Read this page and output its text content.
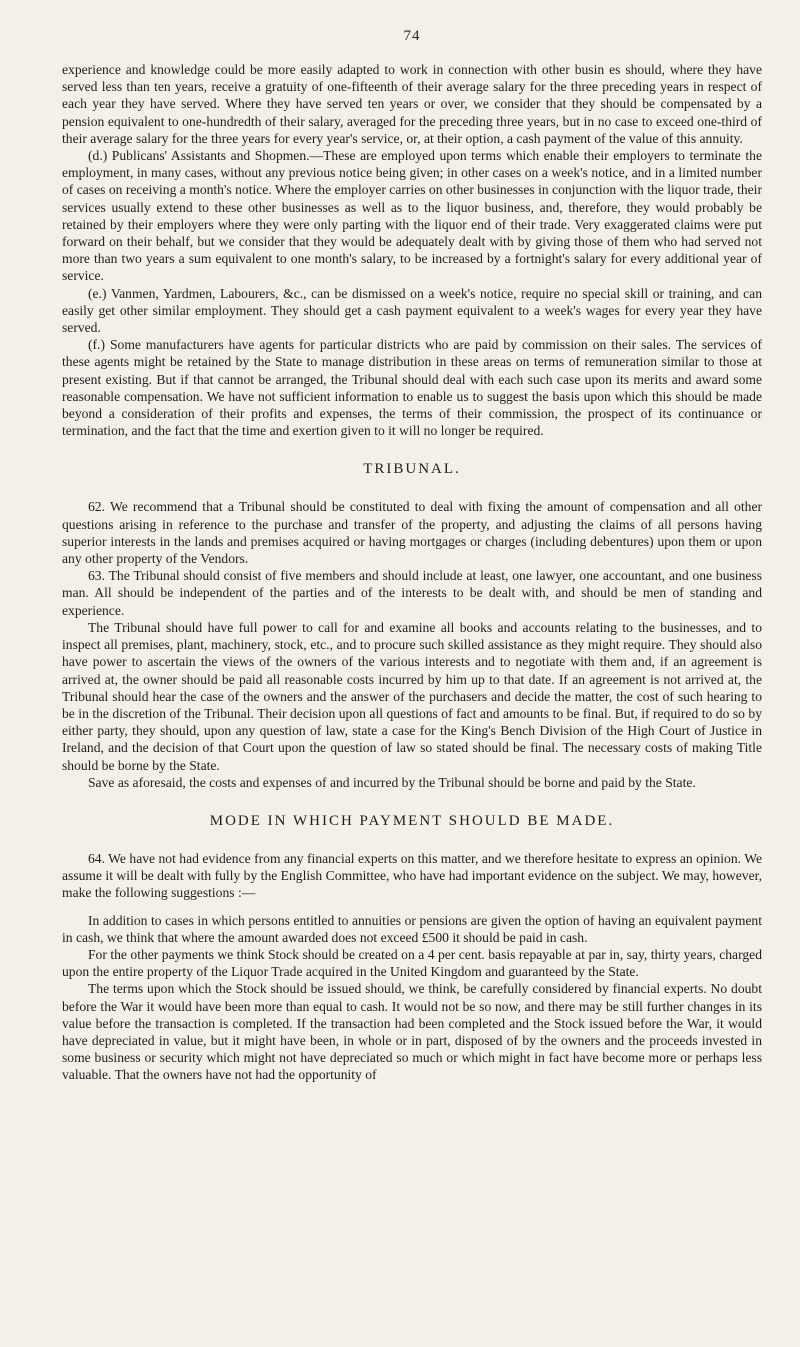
74

experience and knowledge could be more easily adapted to work in connection with other busin es should, where they have served less than ten years, receive a gratuity of one-fifteenth of their average salary for the three preceding years in respect of each year they have served. Where they have served ten years or over, we consider that they should be compensated by a pension equivalent to one-hundredth of their salary, averaged for the preceding three years, but in no case to exceed one-third of their average salary for the three years for every year's service, or, at their option, a cash payment of the value of this annuity.

(d.) Publicans' Assistants and Shopmen.—These are employed upon terms which enable their employers to terminate the employment, in many cases, without any previous notice being given; in other cases on a week's notice, and in a limited number of cases on receiving a month's notice. Where the employer carries on other businesses in conjunction with the liquor trade, their services usually extend to these other businesses as well as to the liquor business, and, therefore, they would probably be retained by their employers where they were only parting with the liquor end of their trade. Very exaggerated claims were put forward on their behalf, but we consider that they would be adequately dealt with by giving those of them who had served not more than two years a sum equivalent to one month's salary, to be increased by a fortnight's salary for every additional year of service.

(e.) Vanmen, Yardmen, Labourers, &c., can be dismissed on a week's notice, require no special skill or training, and can easily get other similar employment. They should get a cash payment equivalent to a week's wages for every year they have served.

(f.) Some manufacturers have agents for particular districts who are paid by commission on their sales. The services of these agents might be retained by the State to manage distribution in these areas on terms of remuneration similar to those at present existing. But if that cannot be arranged, the Tribunal should deal with each such case upon its merits and award some reasonable compensation. We have not sufficient information to enable us to suggest the basis upon which this should be made beyond a consideration of their profits and expenses, the terms of their commission, the prospect of its continuance or termination, and the fact that the time and exertion given to it will no longer be required.

TRIBUNAL.

62. We recommend that a Tribunal should be constituted to deal with fixing the amount of compensation and all other questions arising in reference to the purchase and transfer of the property, and adjusting the claims of all persons having superior interests in the lands and premises acquired or having mortgages or charges (including debentures) upon them or upon any other property of the Vendors.

63. The Tribunal should consist of five members and should include at least, one lawyer, one accountant, and one business man. All should be independent of the parties and of the interests to be dealt with, and should be men of standing and experience.

The Tribunal should have full power to call for and examine all books and accounts relating to the businesses, and to inspect all premises, plant, machinery, stock, etc., and to procure such skilled assistance as they might require. They should also have power to ascertain the views of the owners of the various interests and to negotiate with them and, if an agreement is arrived at, the owner should be paid all reasonable costs incurred by him up to that date. If an agreement is not arrived at, the Tribunal should hear the case of the owners and the answer of the purchasers and decide the matter, the cost of such hearing to be in the discretion of the Tribunal. Their decision upon all questions of fact and amounts to be final. But, if required to do so by either party, they should, upon any question of law, state a case for the King's Bench Division of the High Court of Justice in Ireland, and the decision of that Court upon the question of law so stated should be final. The necessary costs of making Title should be borne by the State.

Save as aforesaid, the costs and expenses of and incurred by the Tribunal should be borne and paid by the State.

MODE IN WHICH PAYMENT SHOULD BE MADE.

64. We have not had evidence from any financial experts on this matter, and we therefore hesitate to express an opinion. We assume it will be dealt with fully by the English Committee, who have had important evidence on the subject. We may, however, make the following suggestions :—

In addition to cases in which persons entitled to annuities or pensions are given the option of having an equivalent payment in cash, we think that where the amount awarded does not exceed £500 it should be paid in cash.

For the other payments we think Stock should be created on a 4 per cent. basis repayable at par in, say, thirty years, charged upon the entire property of the Liquor Trade acquired in the United Kingdom and guaranteed by the State.

The terms upon which the Stock should be issued should, we think, be carefully considered by financial experts. No doubt before the War it would have been more than equal to cash. It would not be so now, and there may be still further changes in its value before the transaction is completed. If the transaction had been completed and the Stock issued before the War, it would have depreciated in value, but it might have been, in whole or in part, disposed of by the owners and the proceeds invested in some business or security which might not have depreciated so much or which might in fact have become more or perhaps less valuable. That the owners have not had the opportunity of
